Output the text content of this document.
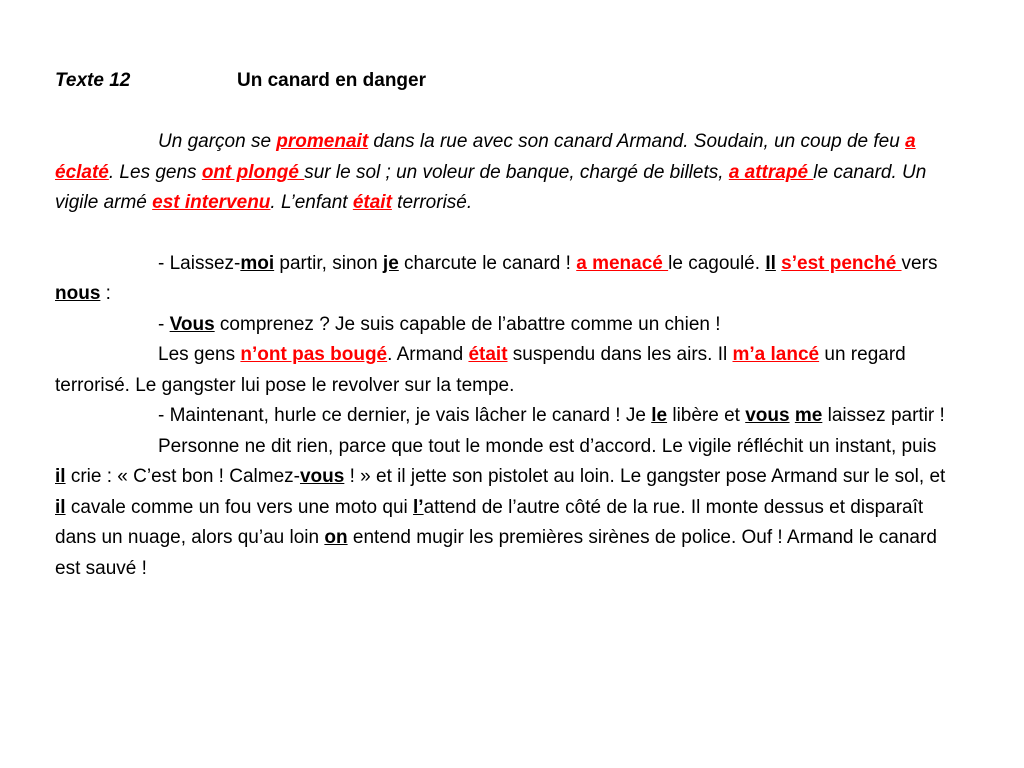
Texte 12	Un canard en danger

Un garçon se promenait dans la rue avec son canard Armand. Soudain, un coup de feu a éclaté. Les gens ont plongé sur le sol ; un voleur de banque, chargé de billets, a attrapé le canard. Un vigile armé est intervenu. L’enfant était terrorisé.

- Laissez-moi partir, sinon je charcute le canard ! a menacé le cagoulé. Il s’est penché vers nous :

- Vous comprenez ? Je suis capable de l’abattre comme un chien !

Les gens n’ont pas bougé. Armand était suspendu dans les airs. Il m’a lancé un regard terrorisé. Le gangster lui pose le revolver sur la tempe.

- Maintenant, hurle ce dernier, je vais lâcher le canard ! Je le libère et vous me laissez partir !

Personne ne dit rien, parce que tout le monde est d’accord. Le vigile réfléchit un instant, puis il crie : « C’est bon ! Calmez-vous ! » et il jette son pistolet au loin. Le gangster pose Armand sur le sol, et il cavale comme un fou vers une moto qui l’attend de l’autre côté de la rue. Il monte dessus et disparaît dans un nuage, alors qu’au loin on entend mugir les premières sirènes de police. Ouf ! Armand le canard est sauvé !
